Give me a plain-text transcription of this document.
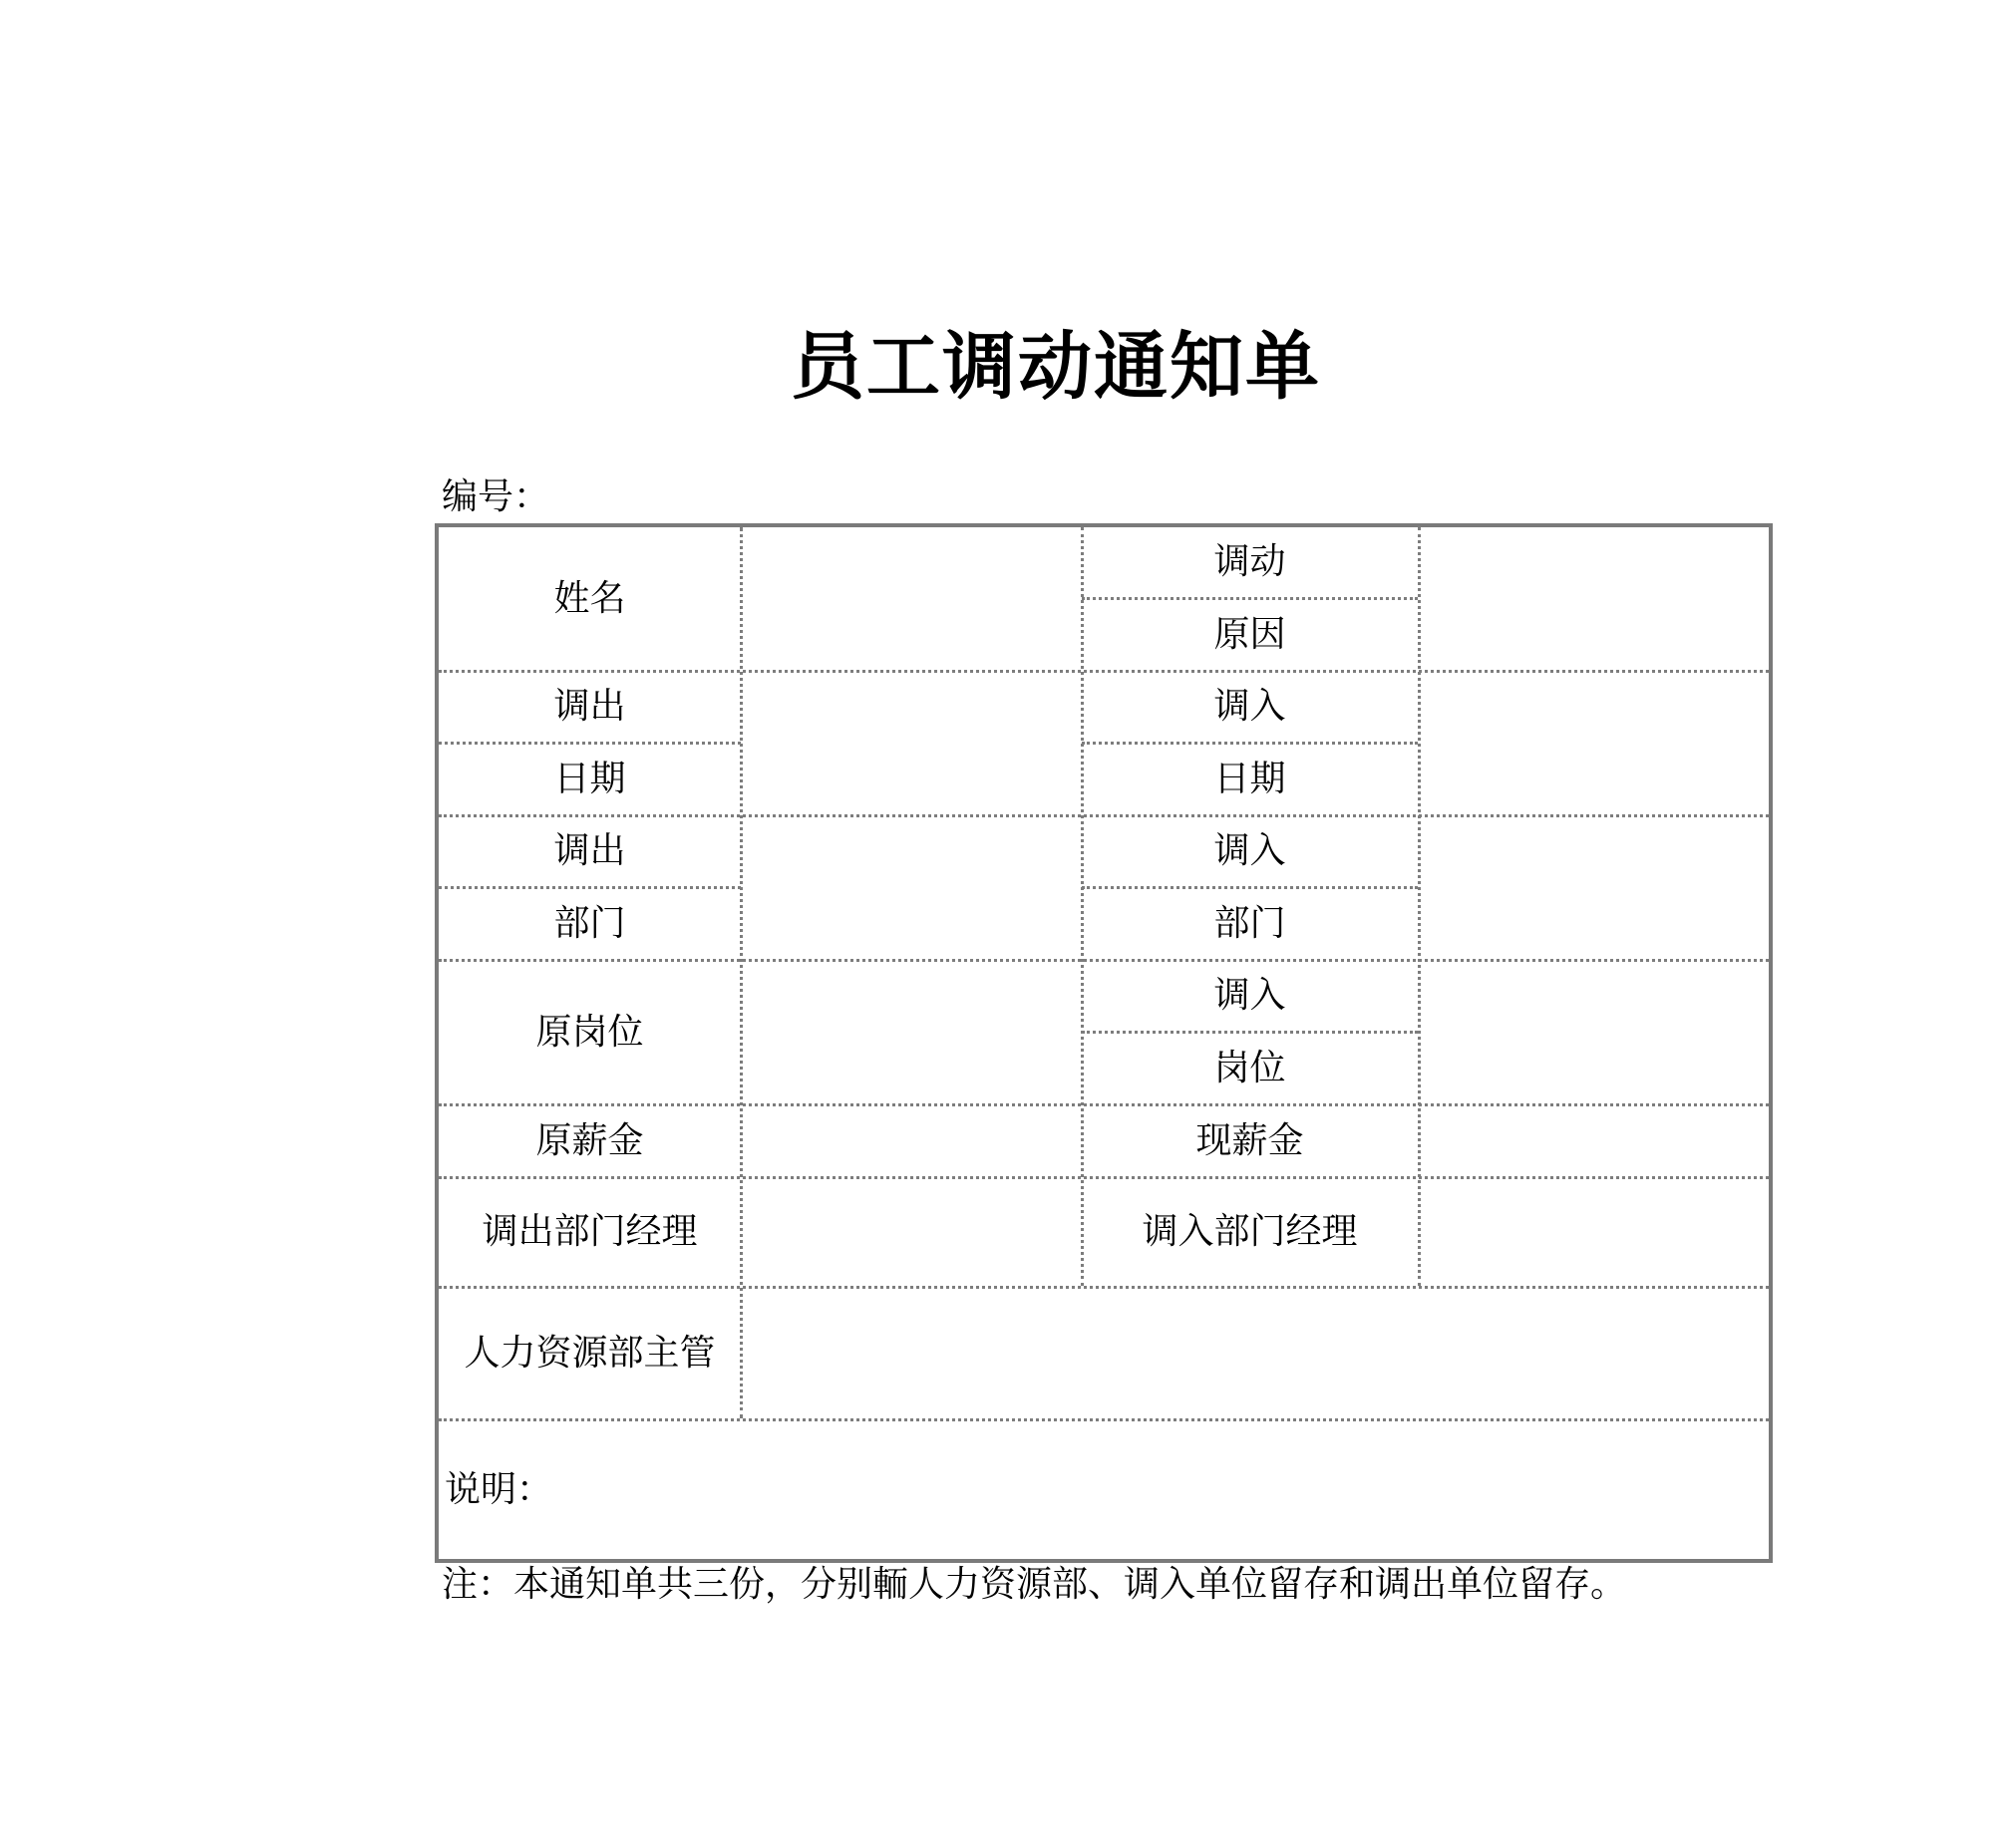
员工调动通知单
编号：
姓名
调动
原因
调出
日期
调入
日期
调出
部门
调入
部门
原岗位
调入
岗位
原薪金	现薪金
调出部门经理	调入部门经理
人力资源部主管
说明：
注：本通知单共三份，分别輀人力资源部、调入单位留存和调出单位留存。
